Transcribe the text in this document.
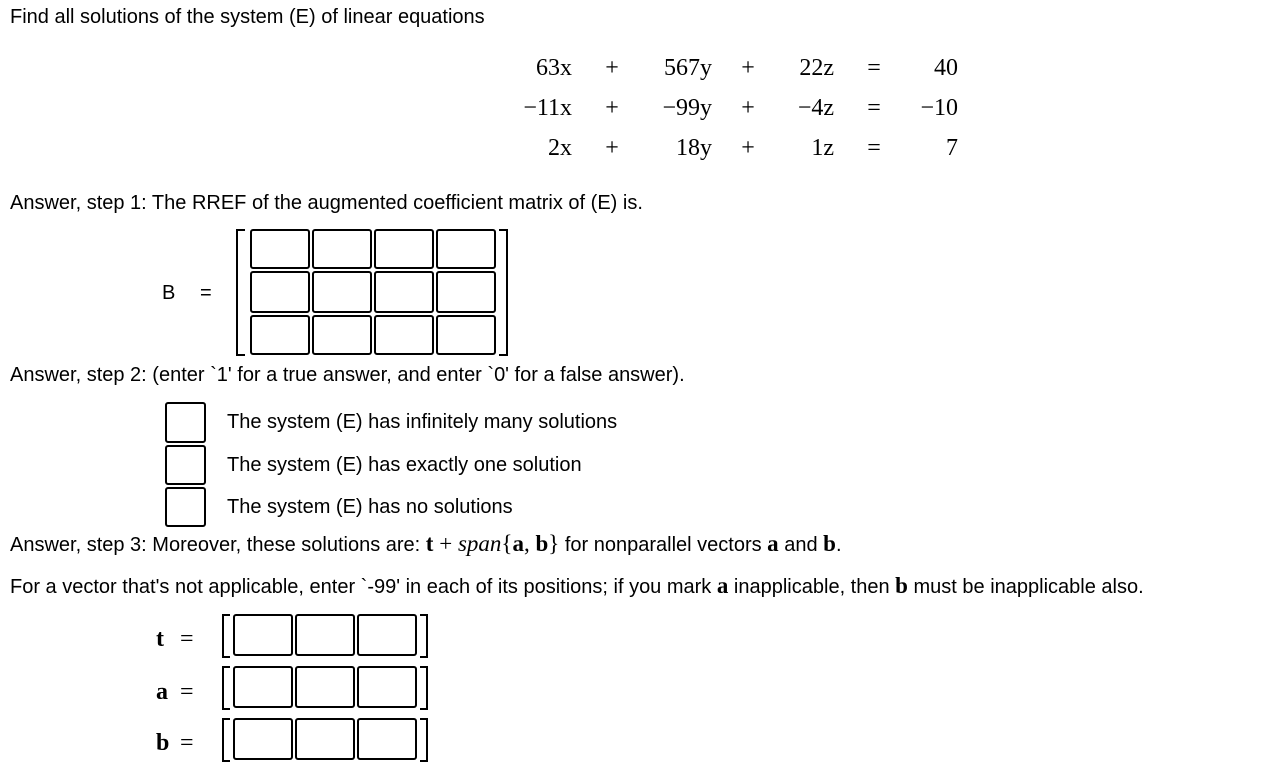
Find all solutions of the system (E) of linear equations
63x	+	567y	+	22z	=	40
−11x	+	−99y	+	−4z	=	−10
2x	+	18y	+	1z	=	7
Answer, step 1: The RREF of the augmented coefficient matrix of (E) is.
B =
Answer, step 2: (enter `1' for a true answer, and enter `0' for a false answer).
The system (E) has infinitely many solutions
The system (E) has exactly one solution
The system (E) has no solutions
Answer, step 3: Moreover, these solutions are: t + span{a, b} for nonparallel vectors a and b.
For a vector that's not applicable, enter `-99' in each of its positions; if you mark a inapplicable, then b must be inapplicable also.
t =
a =
b =
